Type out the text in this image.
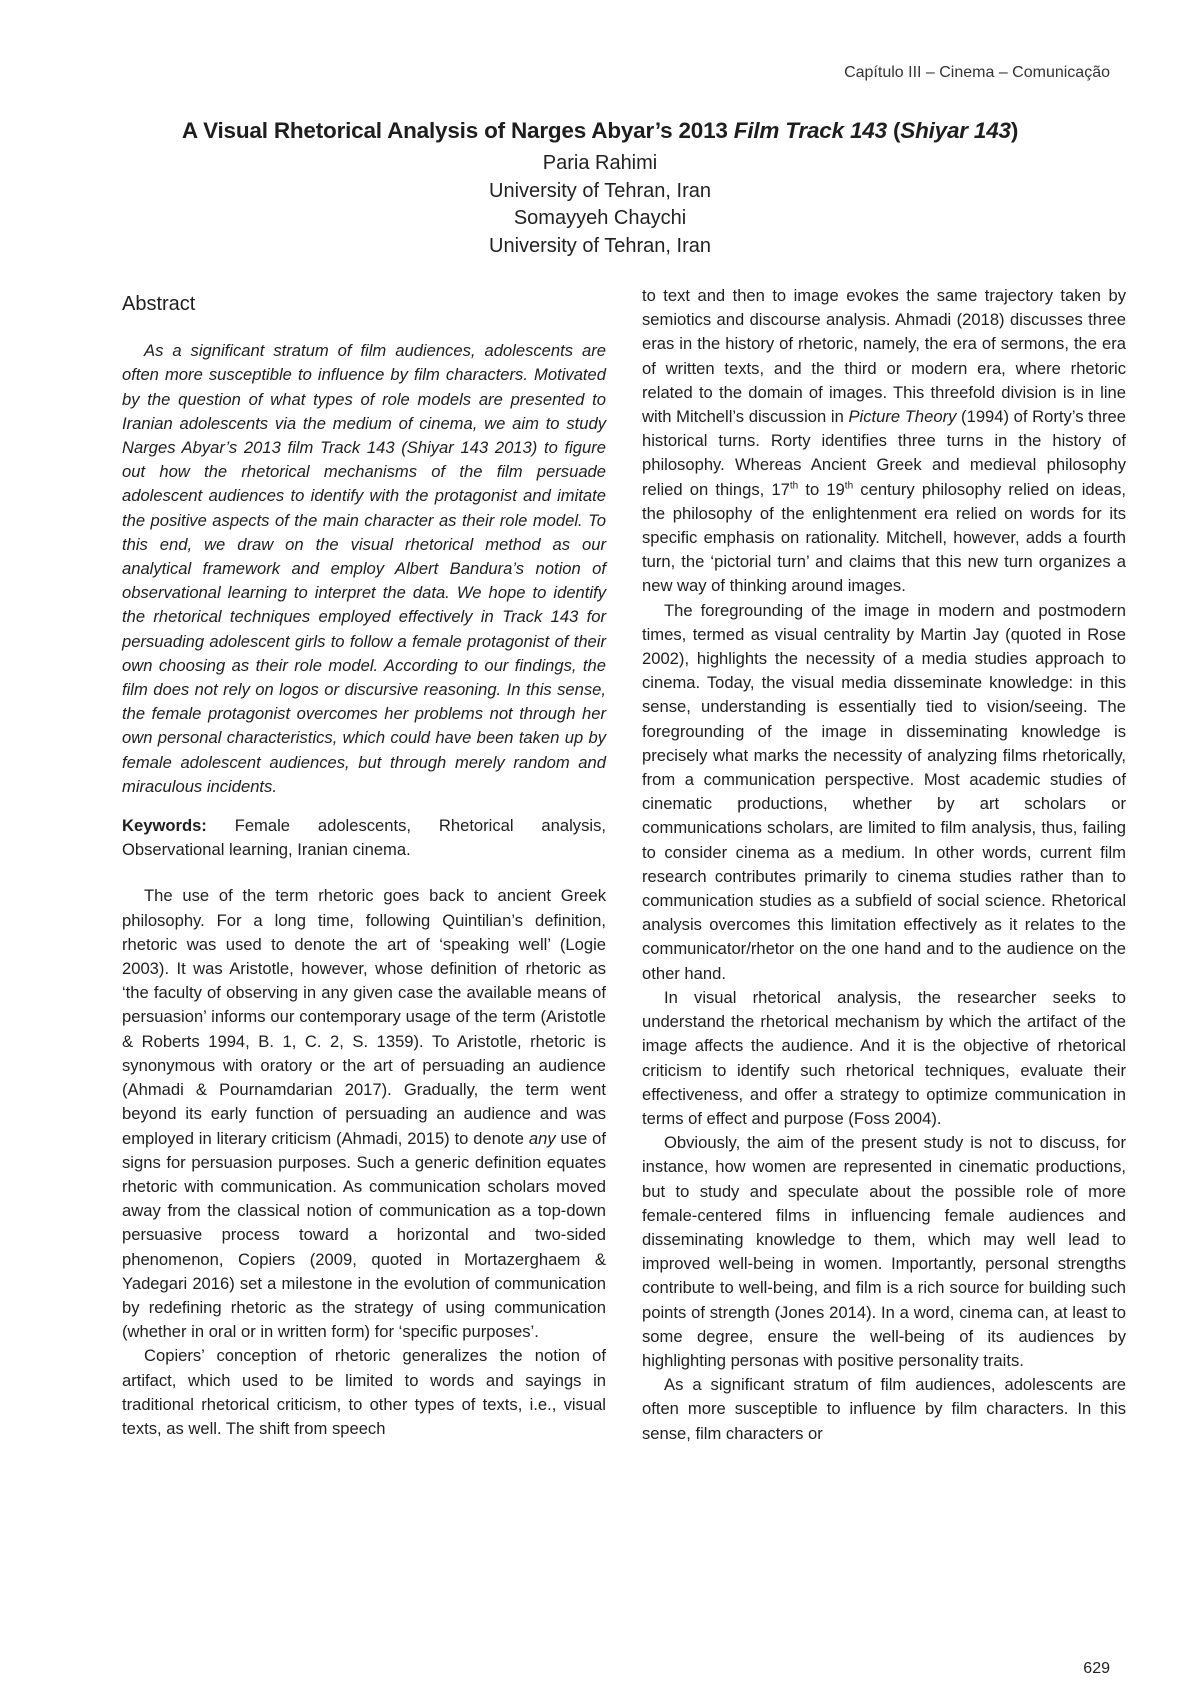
Capítulo III – Cinema – Comunicação
A Visual Rhetorical Analysis of Narges Abyar’s 2013 Film Track 143 (Shiyar 143)
Paria Rahimi
University of Tehran, Iran
Somayyeh Chaychi
University of Tehran, Iran
Abstract

As a significant stratum of film audiences, adolescents are often more susceptible to influence by film characters. Motivated by the question of what types of role models are presented to Iranian adolescents via the medium of cinema, we aim to study Narges Abyar’s 2013 film Track 143 (Shiyar 143 2013) to figure out how the rhetorical mechanisms of the film persuade adolescent audiences to identify with the protagonist and imitate the positive aspects of the main character as their role model. To this end, we draw on the visual rhetorical method as our analytical framework and employ Albert Bandura’s notion of observational learning to interpret the data. We hope to identify the rhetorical techniques employed effectively in Track 143 for persuading adolescent girls to follow a female protagonist of their own choosing as their role model. According to our findings, the film does not rely on logos or discursive reasoning. In this sense, the female protagonist overcomes her problems not through her own personal characteristics, which could have been taken up by female adolescent audiences, but through merely random and miraculous incidents.

Keywords: Female adolescents, Rhetorical analysis, Observational learning, Iranian cinema.

The use of the term rhetoric goes back to ancient Greek philosophy. For a long time, following Quintilian’s definition, rhetoric was used to denote the art of ‘speaking well’ (Logie 2003). It was Aristotle, however, whose definition of rhetoric as ‘the faculty of observing in any given case the available means of persuasion’ informs our contemporary usage of the term (Aristotle & Roberts 1994, B. 1, C. 2, S. 1359). To Aristotle, rhetoric is synonymous with oratory or the art of persuading an audience (Ahmadi & Pournamdarian 2017). Gradually, the term went beyond its early function of persuading an audience and was employed in literary criticism (Ahmadi, 2015) to denote any use of signs for persuasion purposes. Such a generic definition equates rhetoric with communication. As communication scholars moved away from the classical notion of communication as a top-down persuasive process toward a horizontal and two-sided phenomenon, Copiers (2009, quoted in Mortazerghaem & Yadegari 2016) set a milestone in the evolution of communication by redefining rhetoric as the strategy of using communication (whether in oral or in written form) for ‘specific purposes’.

Copiers’ conception of rhetoric generalizes the notion of artifact, which used to be limited to words and sayings in traditional rhetorical criticism, to other types of texts, i.e., visual texts, as well. The shift from speech

to text and then to image evokes the same trajectory taken by semiotics and discourse analysis. Ahmadi (2018) discusses three eras in the history of rhetoric, namely, the era of sermons, the era of written texts, and the third or modern era, where rhetoric related to the domain of images. This threefold division is in line with Mitchell’s discussion in Picture Theory (1994) of Rorty’s three historical turns. Rorty identifies three turns in the history of philosophy. Whereas Ancient Greek and medieval philosophy relied on things, 17th to 19th century philosophy relied on ideas, the philosophy of the enlightenment era relied on words for its specific emphasis on rationality. Mitchell, however, adds a fourth turn, the ‘pictorial turn’ and claims that this new turn organizes a new way of thinking around images.

The foregrounding of the image in modern and postmodern times, termed as visual centrality by Martin Jay (quoted in Rose 2002), highlights the necessity of a media studies approach to cinema. Today, the visual media disseminate knowledge: in this sense, understanding is essentially tied to vision/seeing. The foregrounding of the image in disseminating knowledge is precisely what marks the necessity of analyzing films rhetorically, from a communication perspective. Most academic studies of cinematic productions, whether by art scholars or communications scholars, are limited to film analysis, thus, failing to consider cinema as a medium. In other words, current film research contributes primarily to cinema studies rather than to communication studies as a subfield of social science. Rhetorical analysis overcomes this limitation effectively as it relates to the communicator/rhetor on the one hand and to the audience on the other hand.

In visual rhetorical analysis, the researcher seeks to understand the rhetorical mechanism by which the artifact of the image affects the audience. And it is the objective of rhetorical criticism to identify such rhetorical techniques, evaluate their effectiveness, and offer a strategy to optimize communication in terms of effect and purpose (Foss 2004).

Obviously, the aim of the present study is not to discuss, for instance, how women are represented in cinematic productions, but to study and speculate about the possible role of more female-centered films in influencing female audiences and disseminating knowledge to them, which may well lead to improved well-being in women. Importantly, personal strengths contribute to well-being, and film is a rich source for building such points of strength (Jones 2014). In a word, cinema can, at least to some degree, ensure the well-being of its audiences by highlighting personas with positive personality traits.

As a significant stratum of film audiences, adolescents are often more susceptible to influence by film characters. In this sense, film characters or

629
